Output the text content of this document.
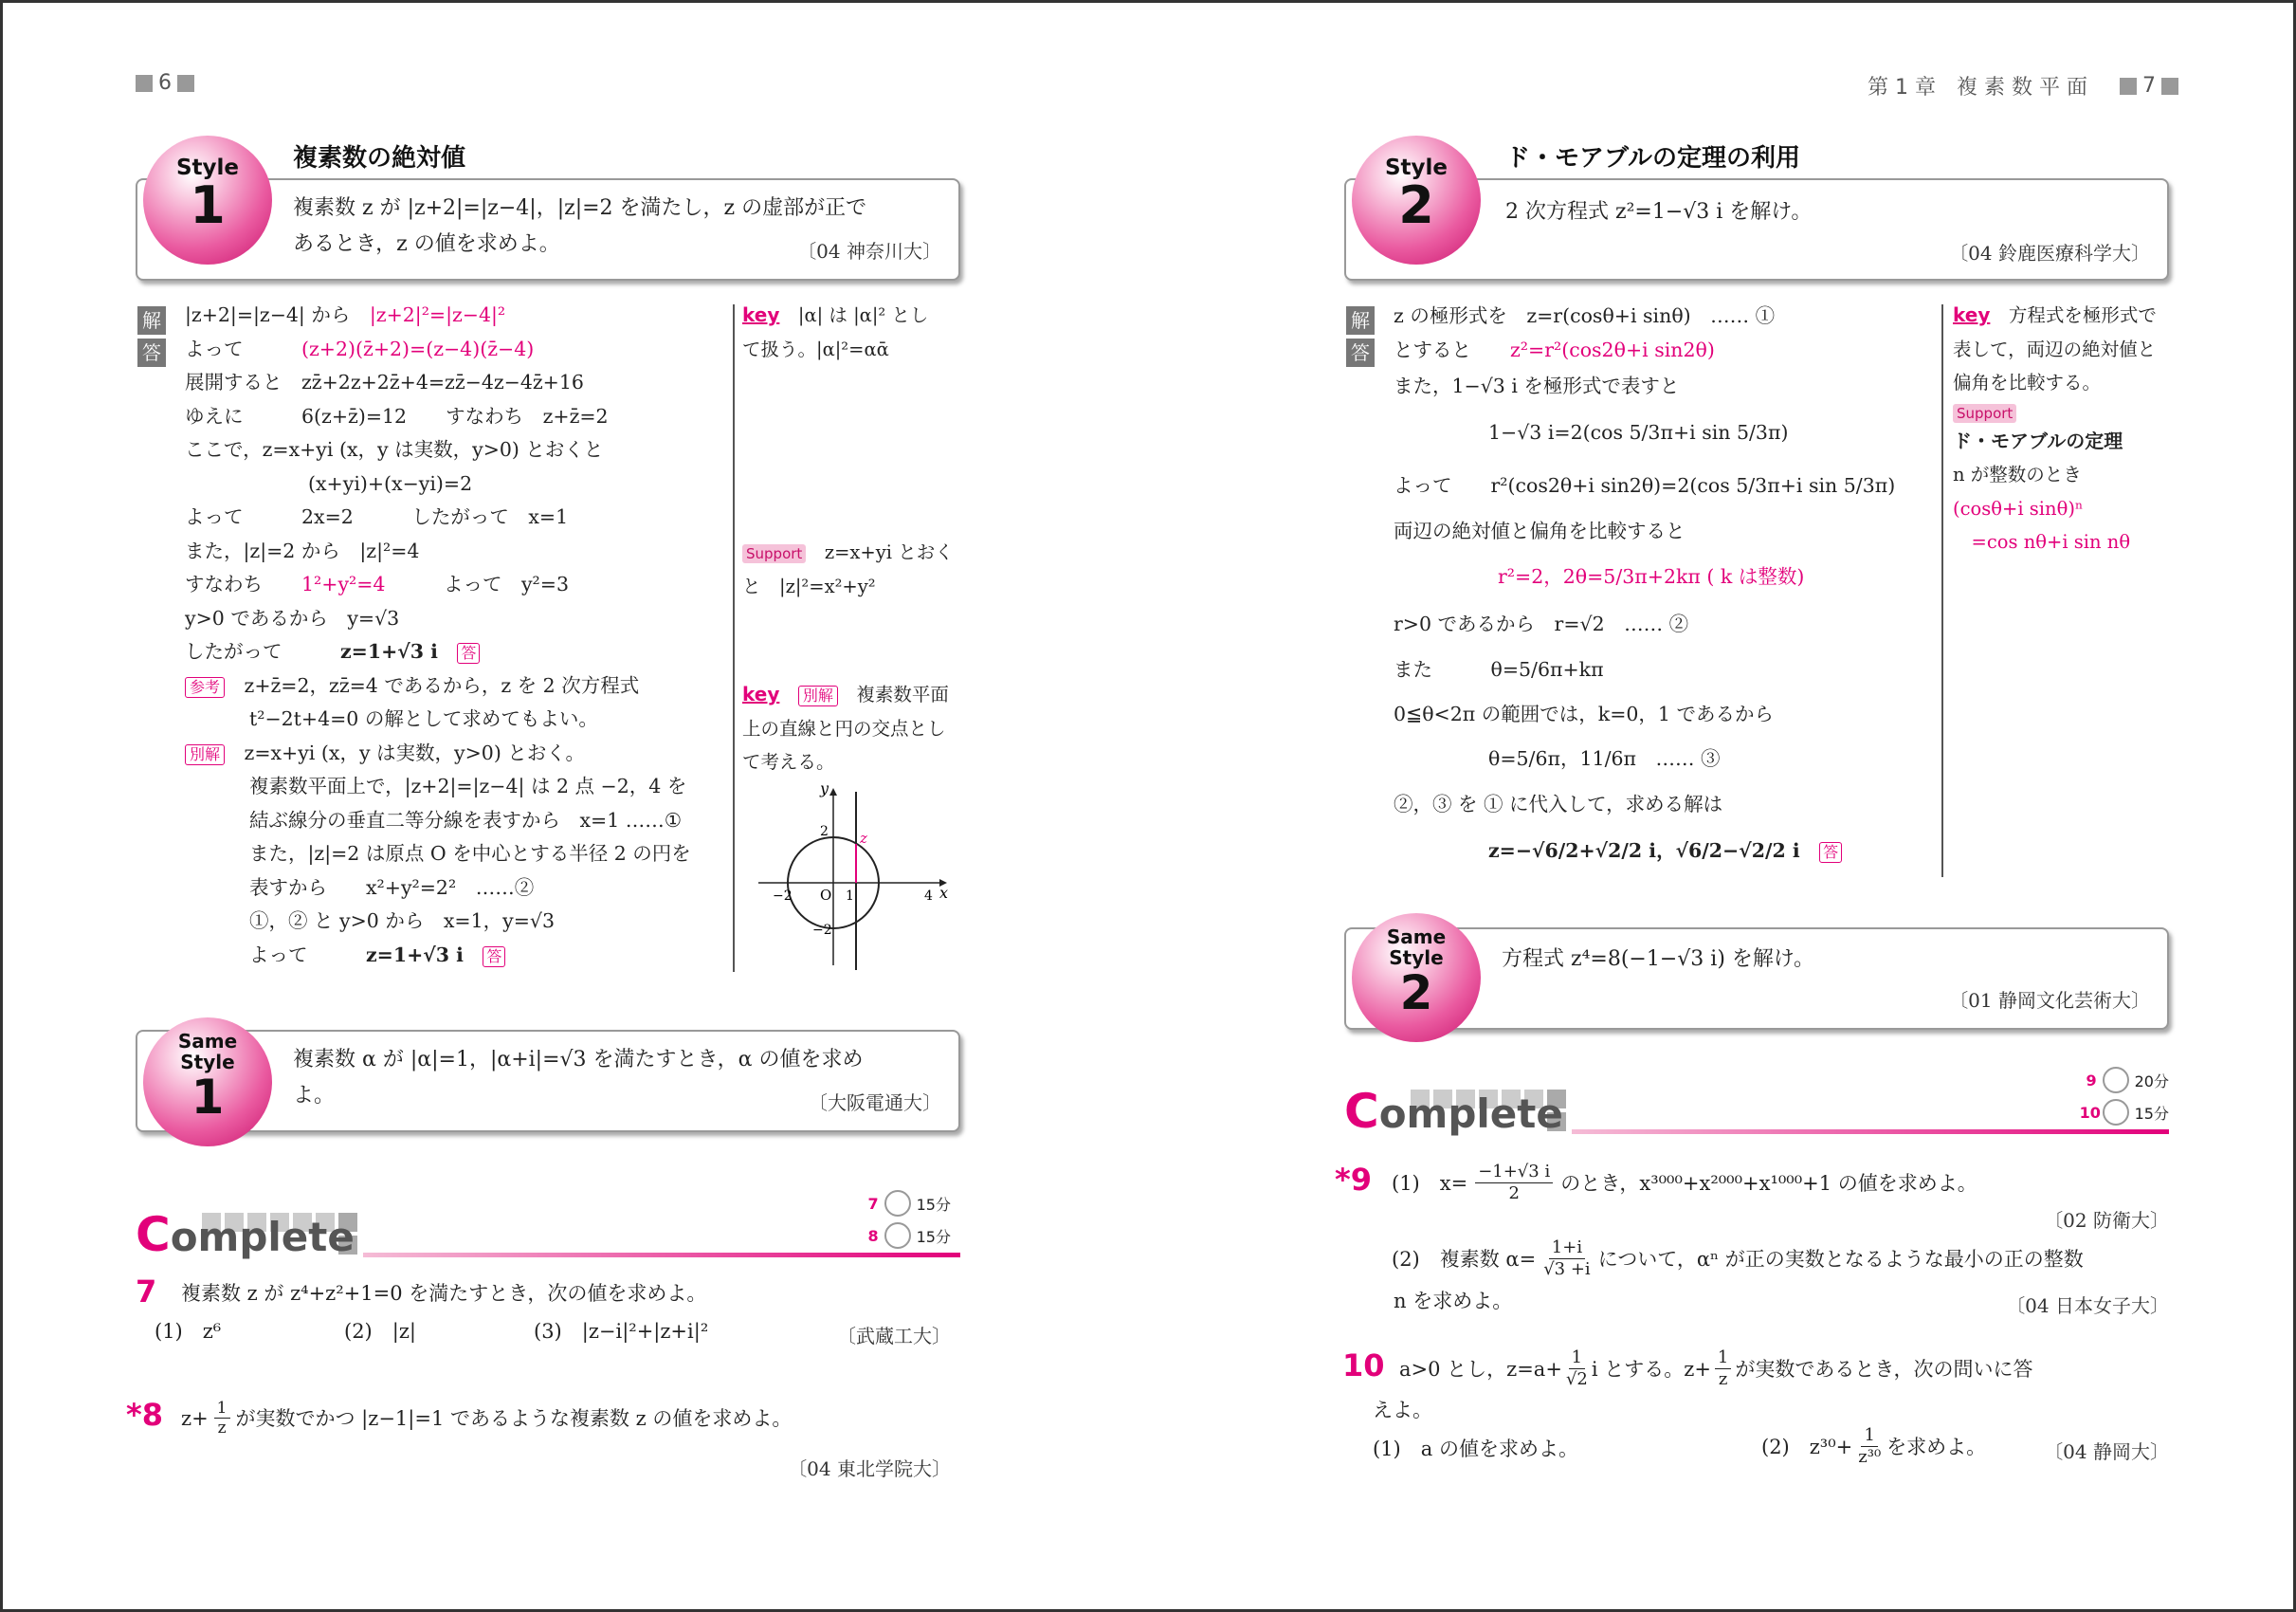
6
Style
1
複素数の絶対値
複素数 z が |z+2|=|z−4|，|z|=2 を満たし，z の虚部が正で
あるとき，z の値を求めよ。	〔04 神奈川大〕
解
答
|z+2|=|z−4| から　 |z+2|²=|z−4|²
よって　　　	(z+2)(z̄+2)=(z−4)(z̄−4)
展開すると　 zz̄+2z+2z̄+4=zz̄−4z−4z̄+16
ゆえに　　　	6(z+z̄)=12　　 すなわち　 z+z̄=2
ここで，z=x+yi (x，y は実数，y>0) とおくと
(x+yi)+(x−yi)=2
よって　　　	2x=2　　　	したがって　 x=1
また，|z|=2 から　 |z|²=4
すなわち　　 1²+y²=4　　　	よって　 y²=3
y>0 であるから　 y=√3
したがって　　　	z=1+√3 i　 答
参考　 z+z̄=2，zz̄=4 であるから，z を 2 次方程式
t²−2t+4=0 の解として求めてもよい。
別解　 z=x+yi (x，y は実数，y>0) とおく。
複素数平面上で，|z+2|=|z−4| は 2 点 −2，4 を
結ぶ線分の垂直二等分線を表すから　x=1 ……①
また，|z|=2 は原点 O を中心とする半径 2 の円を
表すから　　x²+y²=2²　……②
①，② と y>0 から　x=1，y=√3
よって　　　	z=1+√3 i　 答
key　 |α| は |α|² とし
て扱う。|α|²=αᾱ
Support　 z=x+yi とおく
と　|z|²=x²+y²
key　 別解　 複素数平面
上の直線と円の交点とし
て考える。
y
x
z
O
2
−2
−2
1	4
Same
Style
1
複素数 α が |α|=1，|α+i|=√3 を満たすとき，α の値を求め
よ。	〔大阪電通大〕
Complete
7	15分
8	15分
7 複素数 z が z⁴+z²+1=0 を満たすとき，次の値を求めよ。
(1)　z⁶	(2)　|z|	(3)　|z−i|²+|z+i|²	〔武蔵工大〕
*8 $z+ \frac{1}{z}$ が実数でかつ |z−1|=1 であるような複素数 z の値を求めよ。
〔04 東北学院大〕
第 1 章　複 素 数 平 面
　	7
Style
2
ド・モアブルの定理の利用
2 次方程式 z²=1−√3 i を解け。
〔04 鈴鹿医療科学大〕
解
答
z の極形式を　 z=r(cosθ+i sinθ)　…… ①
とすると　　 z²=r²(cos2θ+i sin2θ)
また，1−√3 i を極形式で表すと
1−√3 i=2(cos 5/3π+i sin 5/3π)
よって　　 r²(cos2θ+i sin2θ)=2(cos 5/3π+i sin 5/3π)
両辺の絶対値と偏角を比較すると
r²=2，2θ=5/3π+2kπ ( k は整数)
r>0 であるから　 r=√2　…… ②
また　　　	θ=5/6π+kπ
0≦θ<2π の範囲では，k=0，1 であるから
θ=5/6π，11/6π　…… ③
②，③ を ① に代入して，求める解は
z=−√6/2+√2/2 i，√6/2−√2/2 i　 答
key　 方程式を極形式で
表して，両辺の絶対値と
偏角を比較する。
Support
ド・モアブルの定理
n が整数のとき
(cosθ+i sinθ)ⁿ
　=cos nθ+i sin nθ
Same
Style
2
方程式 z⁴=8(−1−√3 i) を解け。
〔01 静岡文化芸術大〕
Complete
9	20分
10 15分
*9 (1)　$x= \frac{-1+√3 i}{2}$ のとき，x³⁰⁰⁰+x²⁰⁰⁰+x¹⁰⁰⁰+1 の値を求めよ。
〔02 防衛大〕
(2)　複素数 $\alpha= \frac{1+i}{√3 +i}$ について，αⁿ が正の実数となるような最小の正の整数
n を求めよ。	〔04 日本女子大〕
10 a>0 とし，$z=a+ \frac{1}{√2}$ i とする。$z+ \frac{1}{z}$ が実数であるとき，次の問いに答
えよ。
(1)　a の値を求めよ。	(2)　$z^{30}+ \frac{1}{\text{z³⁰}}$ を求めよ。	〔04 静岡大〕
